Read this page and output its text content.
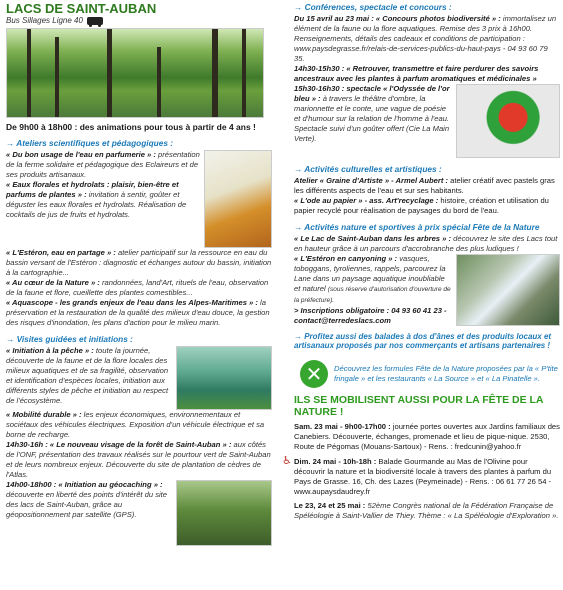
LACS DE SAINT-AUBAN
Bus Sillages Ligne 40
De 9h00 à 18h00 : des animations pour tous à partir de 4 ans !
→ Ateliers scientifiques et pédagogiques :

« Du bon usage de l'eau en parfumerie » : présentation de la ferme solidaire et pédagogique des Eclaireurs et de ses produits artisanaux.

« Eaux florales et hydrolats : plaisir, bien-être et parfums de plantes » : invitation à sentir, goûter et déguster les eaux florales et hydrolats. Réalisation de cocktails de jus de fruits et hydrolats.

« L'Estéron, eau en partage » : atelier participatif sur la ressource en eau du bassin versant de l'Estéron : diagnostic et échanges autour du bassin, initiation à la cartographie...

« Au cœur de la Nature » : randonnées, land'Art, rituels de l'eau, observation de la faune et flore, cueillette des plantes comestibles...

« Aquascope - les grands enjeux de l'eau dans les Alpes-Maritimes » : la préservation et la restauration de la qualité des milieux d'eau douce, la gestion des risques d'inondation, les plans d'action pour le milieu marin.

→ Visites guidées et initiations :

« Initiation à la pêche » : toute la journée, découverte de la faune et de la flore locales des milieux aquatiques et de sa fragilité, observation et identification d'espèces locales, initiation aux différents styles de pêche et initiation au respect de l'écosystème.

« Mobilité durable » : les enjeux économiques, environnementaux et sociétaux des véhicules électriques. Exposition d'un véhicule électrique et sa borne de recharge.

14h30-16h : « Le nouveau visage de la forêt de Saint-Auban » : aux côtés de l'ONF, présentation des travaux réalisés sur le pourtour vert de Saint-Auban et de leurs nombreux enjeux. Découverte du site de plantation de cèdres de l'Atlas.

14h00-18h00 : « Initiation au géocaching » : découverte en liberté des points d'intérêt du site des lacs de Saint-Auban, grâce au géopositionnement par satellite (GPS).

→ Conférences, spectacle et concours :

Du 15 avril au 23 mai : « Concours photos biodiversité » : immortalisez un élément de la faune ou la flore aquatiques. Remise des 3 prix à 16h00. Renseignements, détails des cadeaux et conditions de participation : www.paysdegrasse.fr/relais-de-services-publics-du-haut-pays - 04 93 60 79 35.

14h30-15h30 : « Retrouver, transmettre et faire perdurer des savoirs ancestraux avec les plantes à parfum aromatiques et médicinales »

15h30-16h30 : spectacle « l'Odyssée de l'or bleu » : à travers le théâtre d'ombre, la marionnette et le conte, une vague de poésie et d'humour sur la relation de l'homme à l'eau. Spectacle suivi d'un goûter offert (Cie La Main Verte).

→ Activités culturelles et artistiques :

Atelier « Graine d'Artiste » - Armel Aubert : atelier créatif avec pastels gras les différents aspects de l'eau et sur ses habitants.

« L'ode au papier » - ass. Art'recyclage : histoire, création et utilisation du papier recyclé pour réalisation de paysages du bord de l'eau.

→ Activités nature et sportives à prix spécial Fête de la Nature

« Le Lac de Saint-Auban dans les arbres » : découvrez le site des Lacs tout en hauteur grâce à un parcours d'accrobranche des plus ludiques !

« L'Estéron en canyoning » : vasques, toboggans, tyroliennes, rappels, parcourez la Lane dans un paysage aquatique inoubliable et naturel (sous réserve d'autorisation d'ouverture de la préfecture).

> Inscriptions obligatoire : 04 93 60 41 23 - contact@terredeslacs.com

→ Profitez aussi des balades à dos d'ânes et des produits locaux et artisanaux proposés par nos commerçants et artisans partenaires !
✕	Découvrez les formules Fête de la Nature proposées par la « P'tite fringale » et les restaurants « La Source » et « La Pinatelle ».
ILS SE MOBILISENT AUSSI POUR LA FÊTE DE LA NATURE !

Sam. 23 mai - 9h00-17h00 : journée portes ouvertes aux Jardins familiaux des Canebiers. Découverte, échanges, promenade et lieu de pique-nique. 2530, Route de Pégomas (Mouans-Sartoux) - Rens. : fredcunin@yahoo.fr

♿ Dim. 24 mai - 10h-18h : Balade Gourmande au Mas de l'Olivine pour découvrir la nature et la biodiversité locale à travers des plantes à parfum du Pays de Grasse. 16, Ch. des Lazes (Peymeinade) - Rens. : 06 61 77 26 54 - www.aupaysdaudrey.fr

Le 23, 24 et 25 mai : 52ème Congrès national de la Fédération Française de Spéléologie à Saint-Vallier de Thiey. Thème : « La Spéléologie d'Exploration ».
